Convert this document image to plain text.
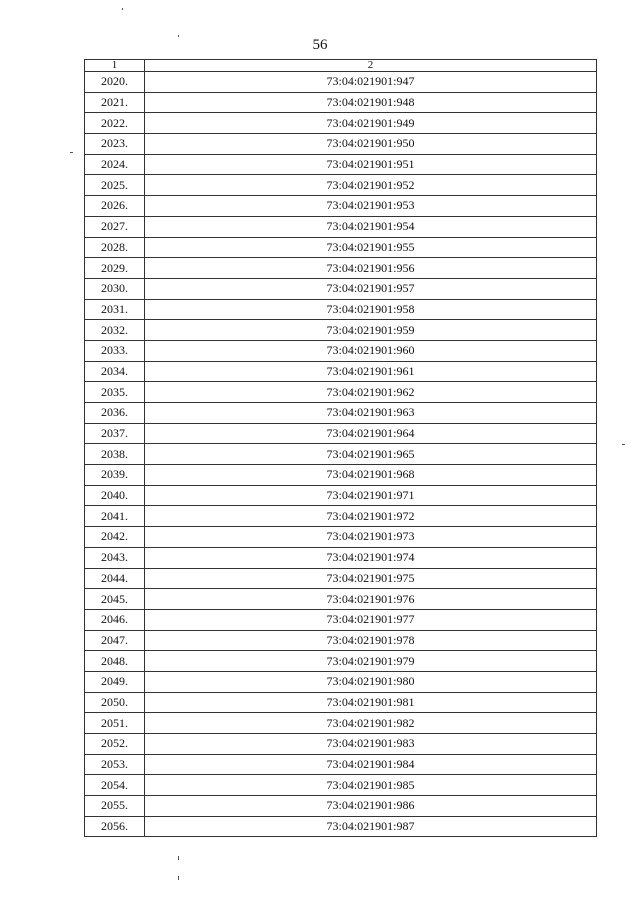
56
1	2
2020.	73:04:021901:947
2021.	73:04:021901:948
2022.	73:04:021901:949
2023.	73:04:021901:950
2024.	73:04:021901:951
2025.	73:04:021901:952
2026.	73:04:021901:953
2027.	73:04:021901:954
2028.	73:04:021901:955
2029.	73:04:021901:956
2030.	73:04:021901:957
2031.	73:04:021901:958
2032.	73:04:021901:959
2033.	73:04:021901:960
2034.	73:04:021901:961
2035.	73:04:021901:962
2036.	73:04:021901:963
2037.	73:04:021901:964
2038.	73:04:021901:965
2039.	73:04:021901:968
2040.	73:04:021901:971
2041.	73:04:021901:972
2042.	73:04:021901:973
2043.	73:04:021901:974
2044.	73:04:021901:975
2045.	73:04:021901:976
2046.	73:04:021901:977
2047.	73:04:021901:978
2048.	73:04:021901:979
2049.	73:04:021901:980
2050.	73:04:021901:981
2051.	73:04:021901:982
2052.	73:04:021901:983
2053.	73:04:021901:984
2054.	73:04:021901:985
2055.	73:04:021901:986
2056.	73:04:021901:987
